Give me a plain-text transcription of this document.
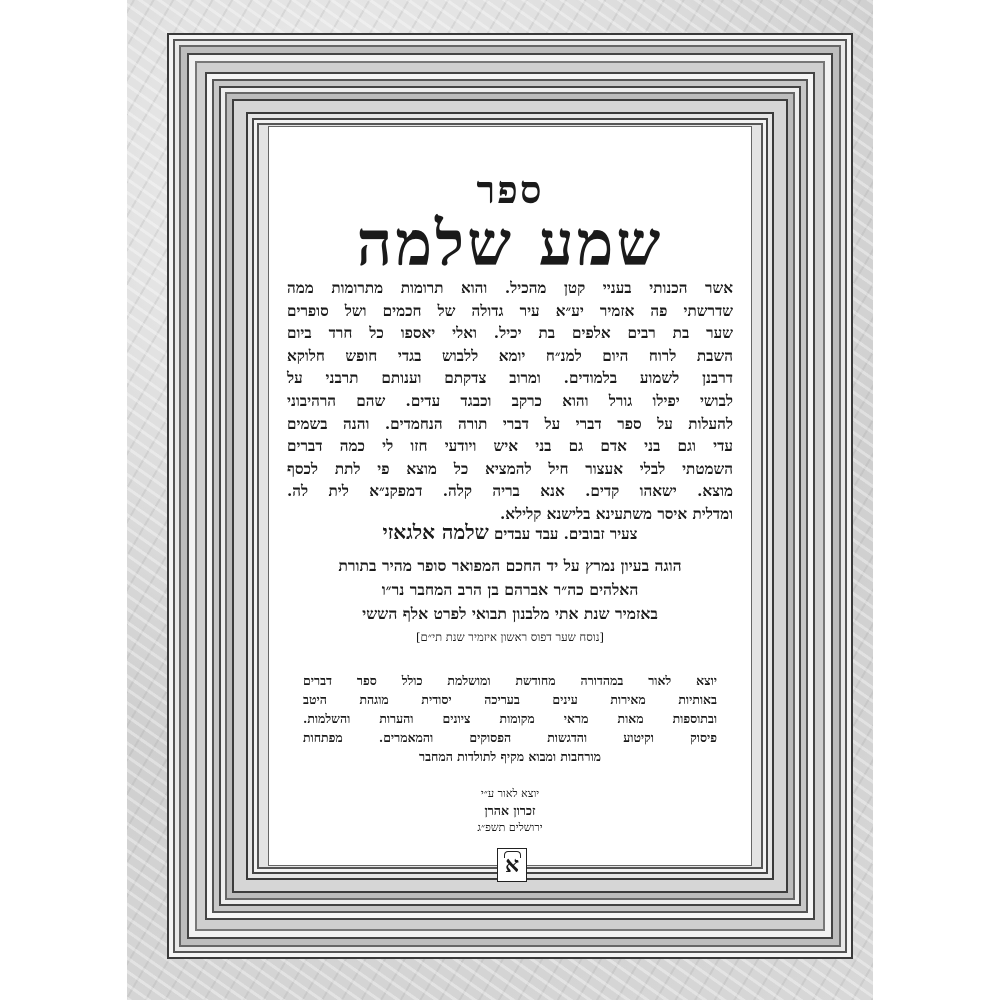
ספר
שמע שלמה
אשר הכנותי בעניי קטן מהכיל. והוא תרומות מתרומות ממה
שדרשתי פה אזמיר יע״א עיר גדולה של חכמים ושל סופרים
שער בת רבים אלפים בת יכיל. ואלי יאספו כל חרד ביום
השבת לרוח היום למנ״ח יומא ללבוש בגדי חופש חלוקא
דרבנן לשמוע בלמודים. ומרוב צדקתם וענותם תרבני על
לבושי יפילו גורל והוא כרקב וכבגד עדים. שהם הרהיבוני
להעלות על ספר דברי על דברי תורה הנחמדים. והנה בשמים
עדי וגם בני אדם גם בני איש ויודעי חזו לי כמה דברים
השמטתי לבלי אעצור חיל להמציא כל מוצא פי לתת לכסף
מוצא. ישאהו קדים. אנא בריה קלה. דמפקנ״א לית לה.
ומדלית איסר משתעינא בלישנא קלילא.
צעיר זבובים. עבד עבדים שלמה אלגאזי
הוגה בעיון נמרץ על יד החכם המפואר סופר מהיר בתורת
האלהים כה״ר אברהם בן הרב המחבר נר״ו
באזמיר שנת אתי מלבנון תבואי לפרט אלף הששי
[נוסח שער דפוס ראשון איזמיר שנת תי״ם]
יוצא לאור במהדורה מחודשת ומושלמת כולל ספר דברים
באותיות מאירות עינים בעריכה יסודית מוגהת היטב
ובתוספות מאות מראי מקומות ציונים והערות והשלמות.
פיסוק וקיטוע והדגשות הפסוקים והמאמרים. מפתחות
מורחבות ומבוא מקיף לתולדות המחבר
יוצא לאור ע״י
זכרון אהרן
ירושלים תשפ״ג
א
